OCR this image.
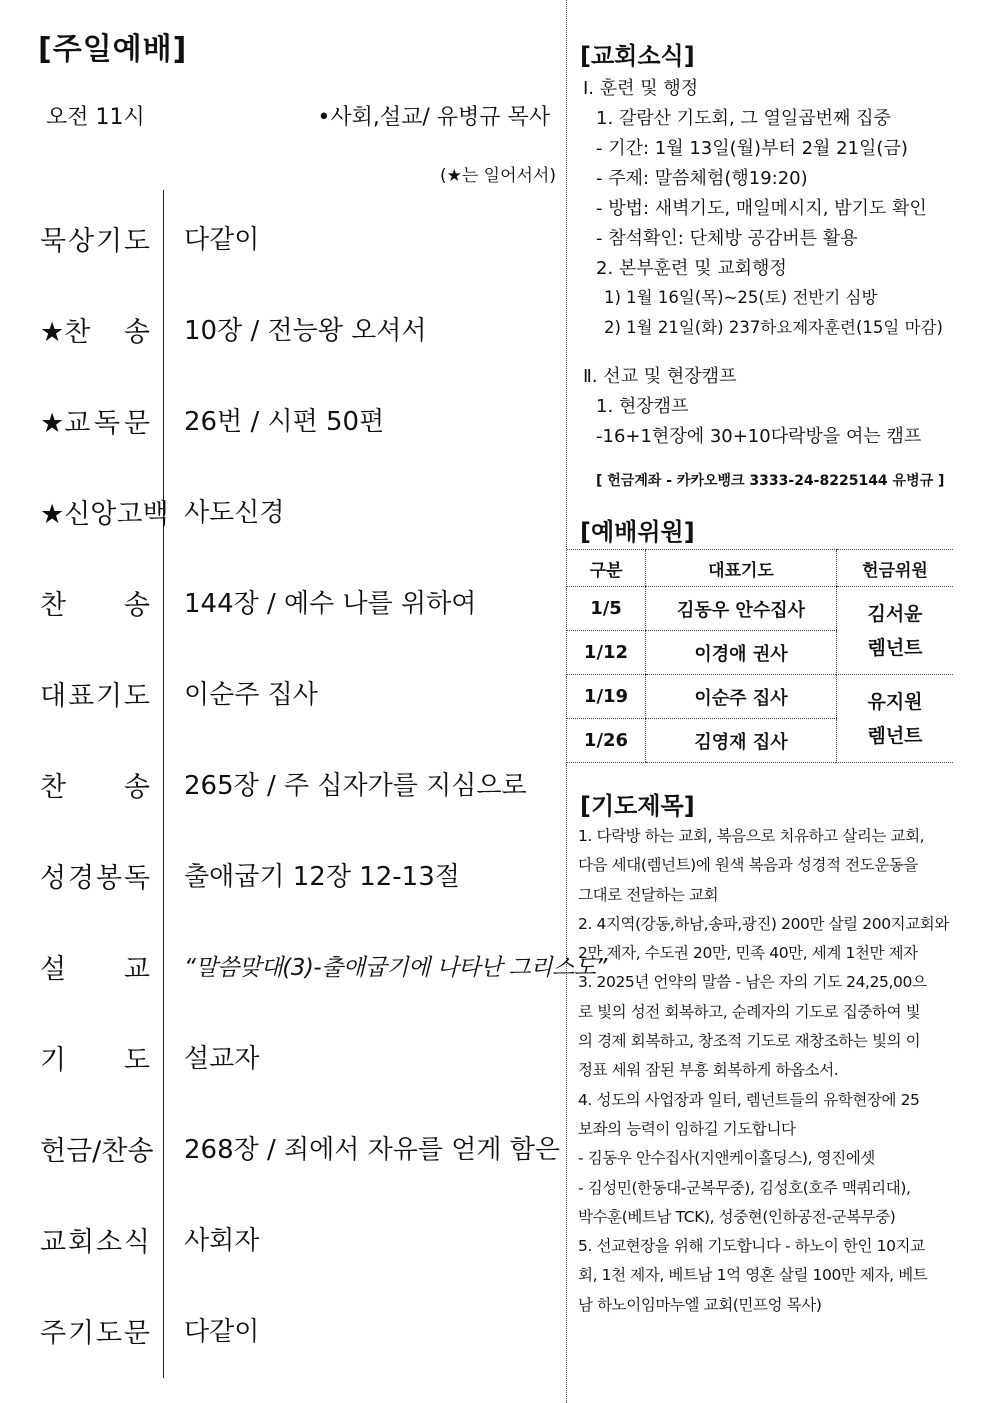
[주일예배]
오전 11시	•사회,설교/ 유병규 목사
(★는 일어서서)
묵 상 기 도 다같이
★찬 송 10장 / 전능왕 오셔서
★교 독 문 26번 / 시편 50편
★신앙고백 사도신경
찬 송 144장 / 예수 나를 위하여
대 표 기 도 이순주 집사
찬 송 265장 / 주 십자가를 지심으로
성 경 봉 독 출애굽기 12장 12-13절
설 교 “말씀맞대(3)-출애굽기에 나타난 그리스도”
기 도 설교자
헌금/찬송 268장 / 죄에서 자유를 얻게 함은
교 회 소 식 사회자
주 기 도 문 다같이
[교회소식]
Ⅰ. 훈련 및 행정
1. 갈람산 기도회, 그 열일곱번째 집중
- 기간: 1월 13일(월)부터 2월 21일(금)
- 주제: 말씀체험(행19:20)
- 방법: 새벽기도, 매일메시지, 밤기도 확인
- 참석확인: 단체방 공감버튼 활용
2. 본부훈련 및 교회행정
1) 1월 16일(목)~25(토) 전반기 심방
2) 1월 21일(화) 237하요제자훈련(15일 마감)
Ⅱ. 선교 및 현장캠프
1. 현장캠프
-16+1현장에 30+10다락방을 여는 캠프
[ 헌금계좌 - 카카오뱅크 3333-24-8225144 유병규 ]
[예배위원]
구분	대표기도	헌금위원
1/5	김동우 안수집사	김서윤
렘넌트

1/12	이경애 권사	
1/19	이순주 집사	유지원
렘넌트

1/26	김영재 집사	
[기도제목]
1. 다락방 하는 교회, 복음으로 치유하고 살리는 교회,
다음 세대(렘넌트)에 원색 복음과 성경적 전도운동을
그대로 전달하는 교회
2. 4지역(강동,하남,송파,광진) 200만 살릴 200지교회와
2만 제자, 수도권 20만, 민족 40만, 세계 1천만 제자
3. 2025년 언약의 말씀 - 남은 자의 기도 24,25,00으
로 빛의 성전 회복하고, 순례자의 기도로 집중하여 빛
의 경제 회복하고, 창조적 기도로 재창조하는 빛의 이
정표 세워 잠된 부흥 회복하게 하옵소서.
4. 성도의 사업장과 일터, 렘넌트들의 유학현장에 25
보좌의 능력이 임하길 기도합니다
- 김동우 안수집사(지앤케이홀딩스), 영진에셋
- 김성민(한동대-군복무중), 김성호(호주 맥쿼리대),
박수훈(베트남 TCK), 성중현(인하공전-군복무중)
5. 선교현장을 위해 기도합니다 - 하노이 한인 10지교
회, 1천 제자, 베트남 1억 영혼 살릴 100만 제자, 베트
남 하노이임마누엘 교회(민프엉 목사)
